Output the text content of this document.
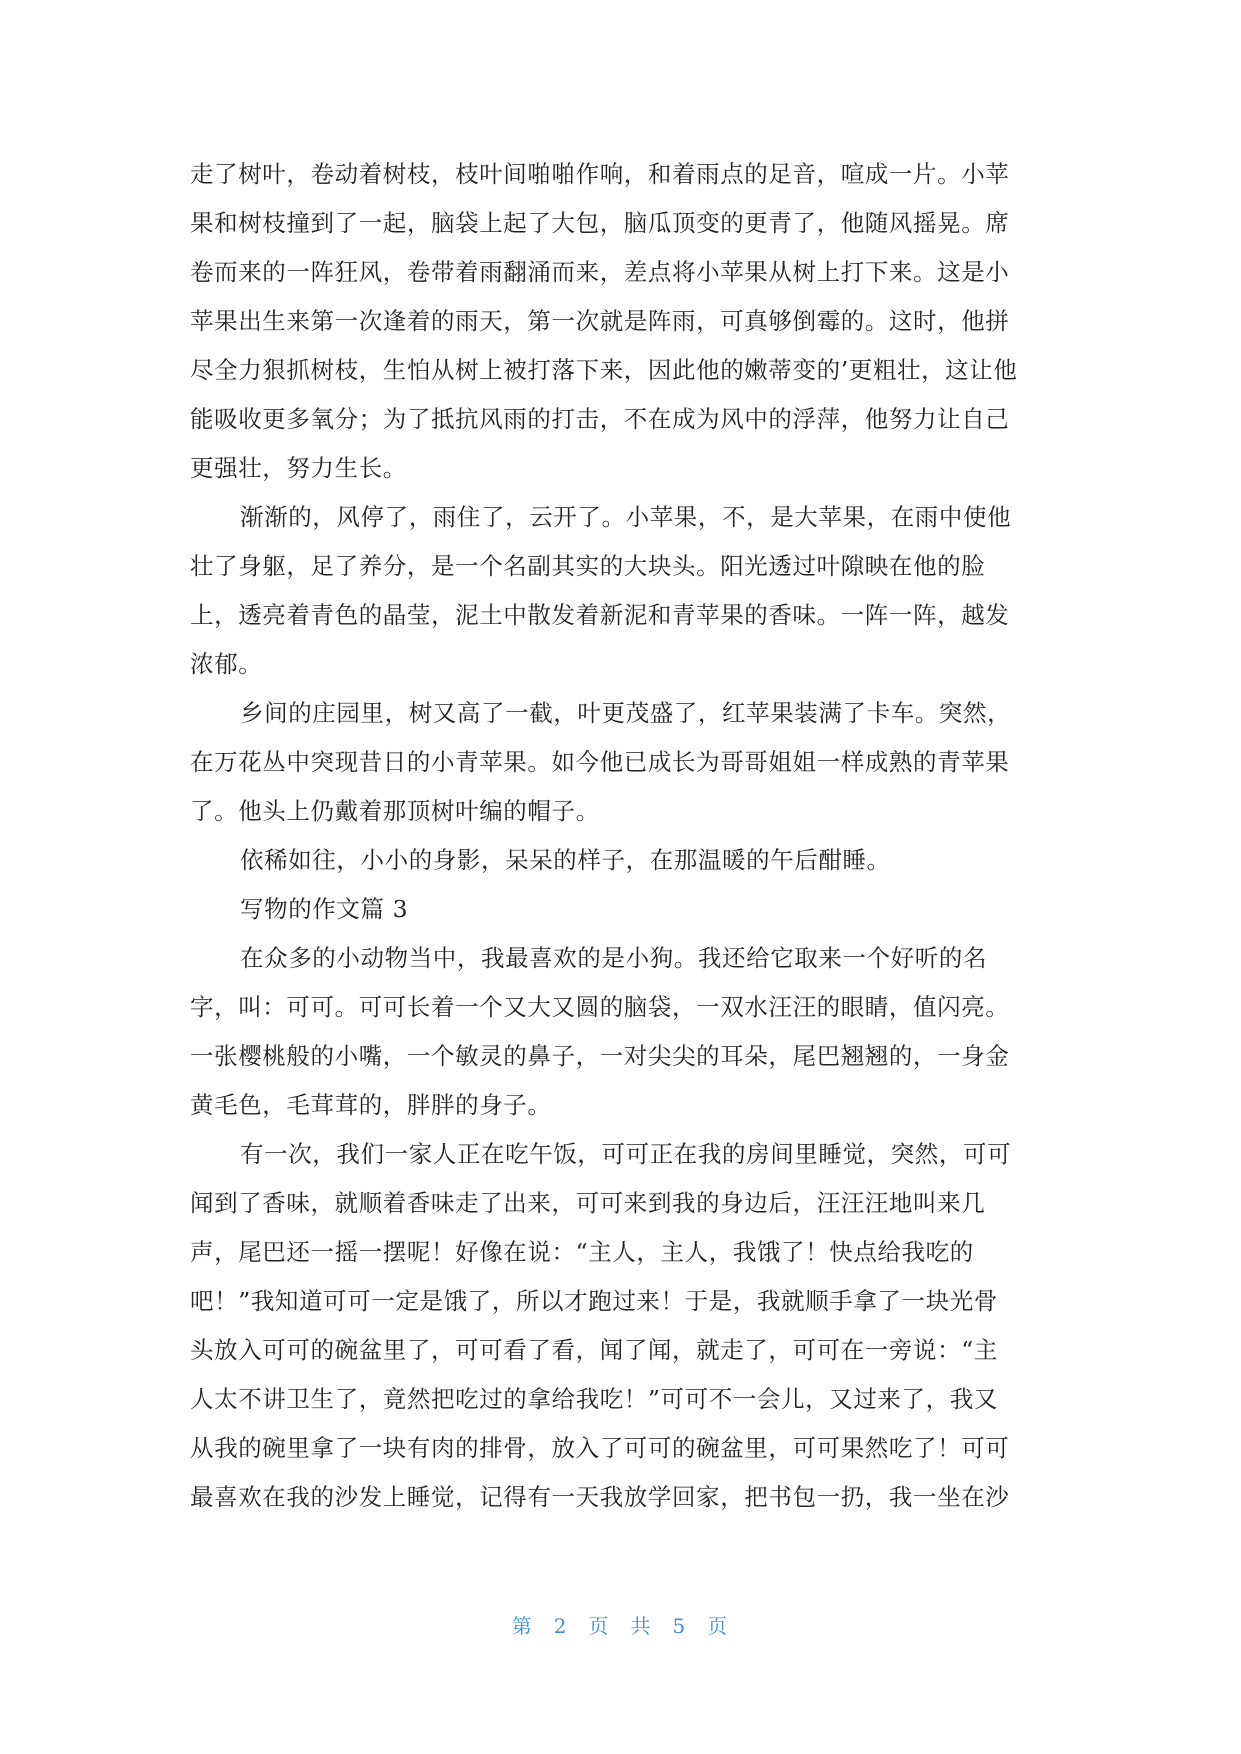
走了树叶，卷动着树枝，枝叶间啪啪作响，和着雨点的足音，喧成一片。小苹
果和树枝撞到了一起，脑袋上起了大包，脑瓜顶变的更青了，他随风摇晃。席
卷而来的一阵狂风，卷带着雨翻涌而来，差点将小苹果从树上打下来。这是小
苹果出生来第一次逢着的雨天，第一次就是阵雨，可真够倒霉的。这时，他拼
尽全力狠抓树枝，生怕从树上被打落下来，因此他的嫩蒂变的’更粗壮，这让他
能吸收更多氧分；为了抵抗风雨的打击，不在成为风中的浮萍，他努力让自己
更强壮，努力生长。
渐渐的，风停了，雨住了，云开了。小苹果，不，是大苹果，在雨中使他
壮了身躯，足了养分，是一个名副其实的大块头。阳光透过叶隙映在他的脸
上，透亮着青色的晶莹，泥土中散发着新泥和青苹果的香味。一阵一阵，越发
浓郁。
乡间的庄园里，树又高了一截，叶更茂盛了，红苹果装满了卡车。突然，
在万花丛中突现昔日的小青苹果。如今他已成长为哥哥姐姐一样成熟的青苹果
了。他头上仍戴着那顶树叶编的帽子。
依稀如往，小小的身影，呆呆的样子，在那温暖的午后酣睡。
写物的作文篇 3
在众多的小动物当中，我最喜欢的是小狗。我还给它取来一个好听的名
字，叫：可可。可可长着一个又大又圆的脑袋，一双水汪汪的眼睛，值闪亮。
一张樱桃般的小嘴，一个敏灵的鼻子，一对尖尖的耳朵，尾巴翘翘的，一身金
黄毛色，毛茸茸的，胖胖的身子。
有一次，我们一家人正在吃午饭，可可正在我的房间里睡觉，突然，可可
闻到了香味，就顺着香味走了出来，可可来到我的身边后，汪汪汪地叫来几
声，尾巴还一摇一摆呢！好像在说：“主人，主人，我饿了！快点给我吃的
吧！”我知道可可一定是饿了，所以才跑过来！于是，我就顺手拿了一块光骨
头放入可可的碗盆里了，可可看了看，闻了闻，就走了，可可在一旁说：“主
人太不讲卫生了，竟然把吃过的拿给我吃！”可可不一会儿，又过来了，我又
从我的碗里拿了一块有肉的排骨，放入了可可的碗盆里，可可果然吃了！可可
最喜欢在我的沙发上睡觉，记得有一天我放学回家，把书包一扔，我一坐在沙
第 2 页 共 5 页
